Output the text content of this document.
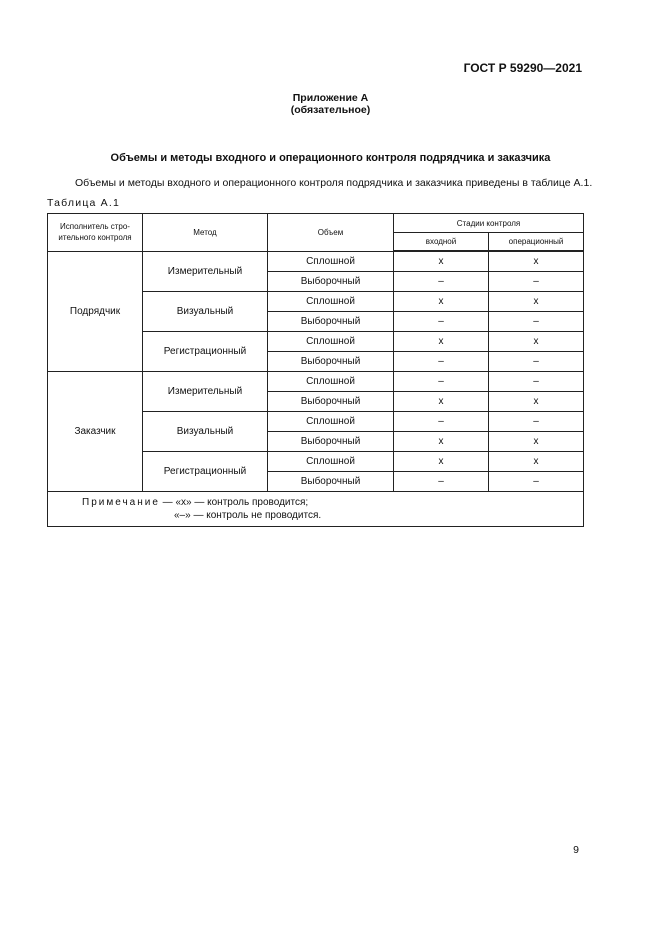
ГОСТ Р 59290—2021
Приложение А
(обязательное)
Объемы и методы входного и операционного контроля подрядчика и заказчика
Объемы и методы входного и операционного контроля подрядчика и заказчика приведены в таблице А.1.
Таблица А.1
Исполнитель стро-
ительного контроля	Метод	Объем	Стадии контроля	
			входной	операционный
Подрядчик	Измерительный	Сплошной	x	x
		Выборочный	–	–
	Визуальный	Сплошной	x	x
		Выборочный	–	–
	Регистрационный	Сплошной	x	x
		Выборочный	–	–
Заказчик	Измерительный	Сплошной	–	–
		Выборочный	x	x
	Визуальный	Сплошной	–	–
		Выборочный	x	x
	Регистрационный	Сплошной	x	x
		Выборочный	–	–
Примечание — «x» — контроль проводится;
«–» — контроль не проводится.				
9
